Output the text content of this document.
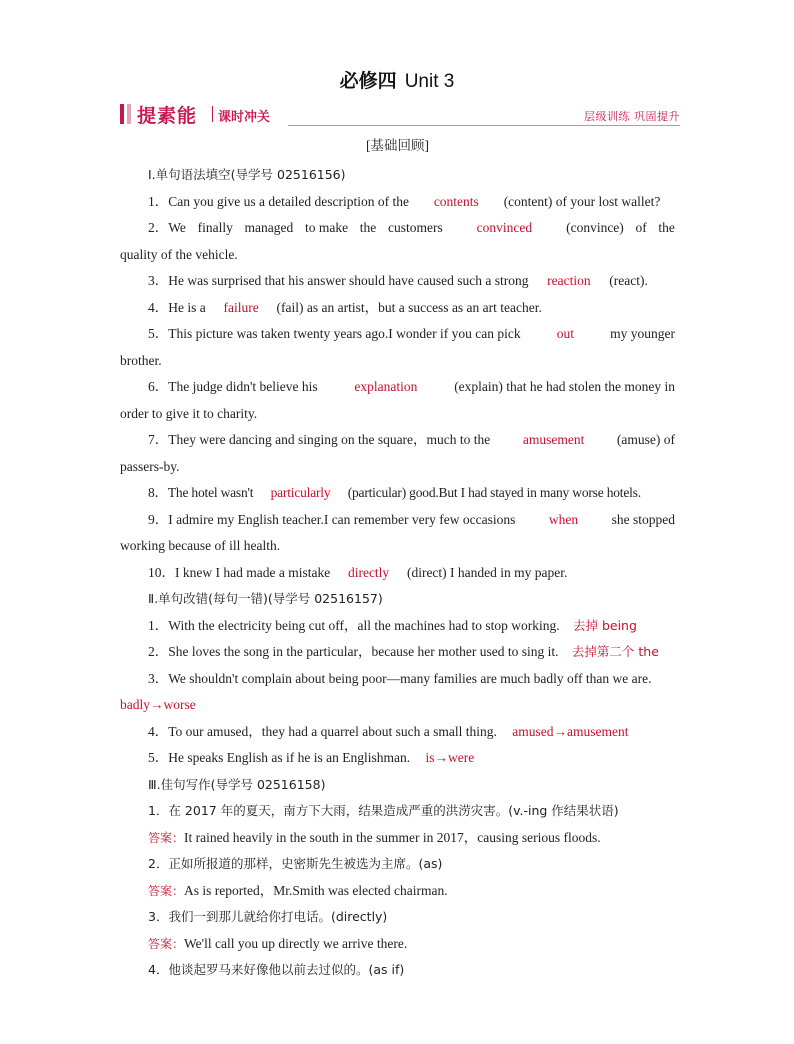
必修四 Unit 3
提素能 课时冲关	层级训练 巩固提升
[基础回顾]
Ⅰ.单句语法填空(导学号 02516156)
1．Can you give us a detailed description of the contents (content) of your lost wallet?
2．We finally managed to make the customers	convinced	(convince) of the
quality of the vehicle.
3．He was surprised that his answer should have caused such a strong reaction (react).
4．He is a failure (fail) as an artist，but a success as an art teacher.
5．This picture was taken twenty years ago.I wonder if you can pick	out	my younger
brother.
6．The judge didn't believe his	explanation	(explain) that he had stolen the money in
order to give it to charity.
7．They were dancing and singing on the square，much to the	amusement	(amuse) of
passers-by.
8．The hotel wasn't particularly (particular) good.But I had stayed in many worse hotels.
9．I admire my English teacher.I can remember very few occasions	when	she stopped
working because of ill health.
10．I knew I had made a mistake directly (direct) I handed in my paper.
Ⅱ.单句改错(每句一错)(导学号 02516157)
1．With the electricity being cut off，all the machines had to stop working. 去掉 being
2．She loves the song in the particular，because her mother used to sing it. 去掉第二个 the
3．We shouldn't complain about being poor—many families are much badly off than we are.
badly→worse
4．To our amused，they had a quarrel about such a small thing. amused→amusement
5．He speaks English as if he is an Englishman. is→were
Ⅲ.佳句写作(导学号 02516158)
1．在 2017 年的夏天，南方下大雨，结果造成严重的洪涝灾害。(v.-ing 作结果状语)
答案：It rained heavily in the south in the summer in 2017，causing serious floods.
2．正如所报道的那样，史密斯先生被选为主席。(as)
答案：As is reported，Mr.Smith was elected chairman.
3．我们一到那儿就给你打电话。(directly)
答案：We'll call you up directly we arrive there.
4．他谈起罗马来好像他以前去过似的。(as if)
